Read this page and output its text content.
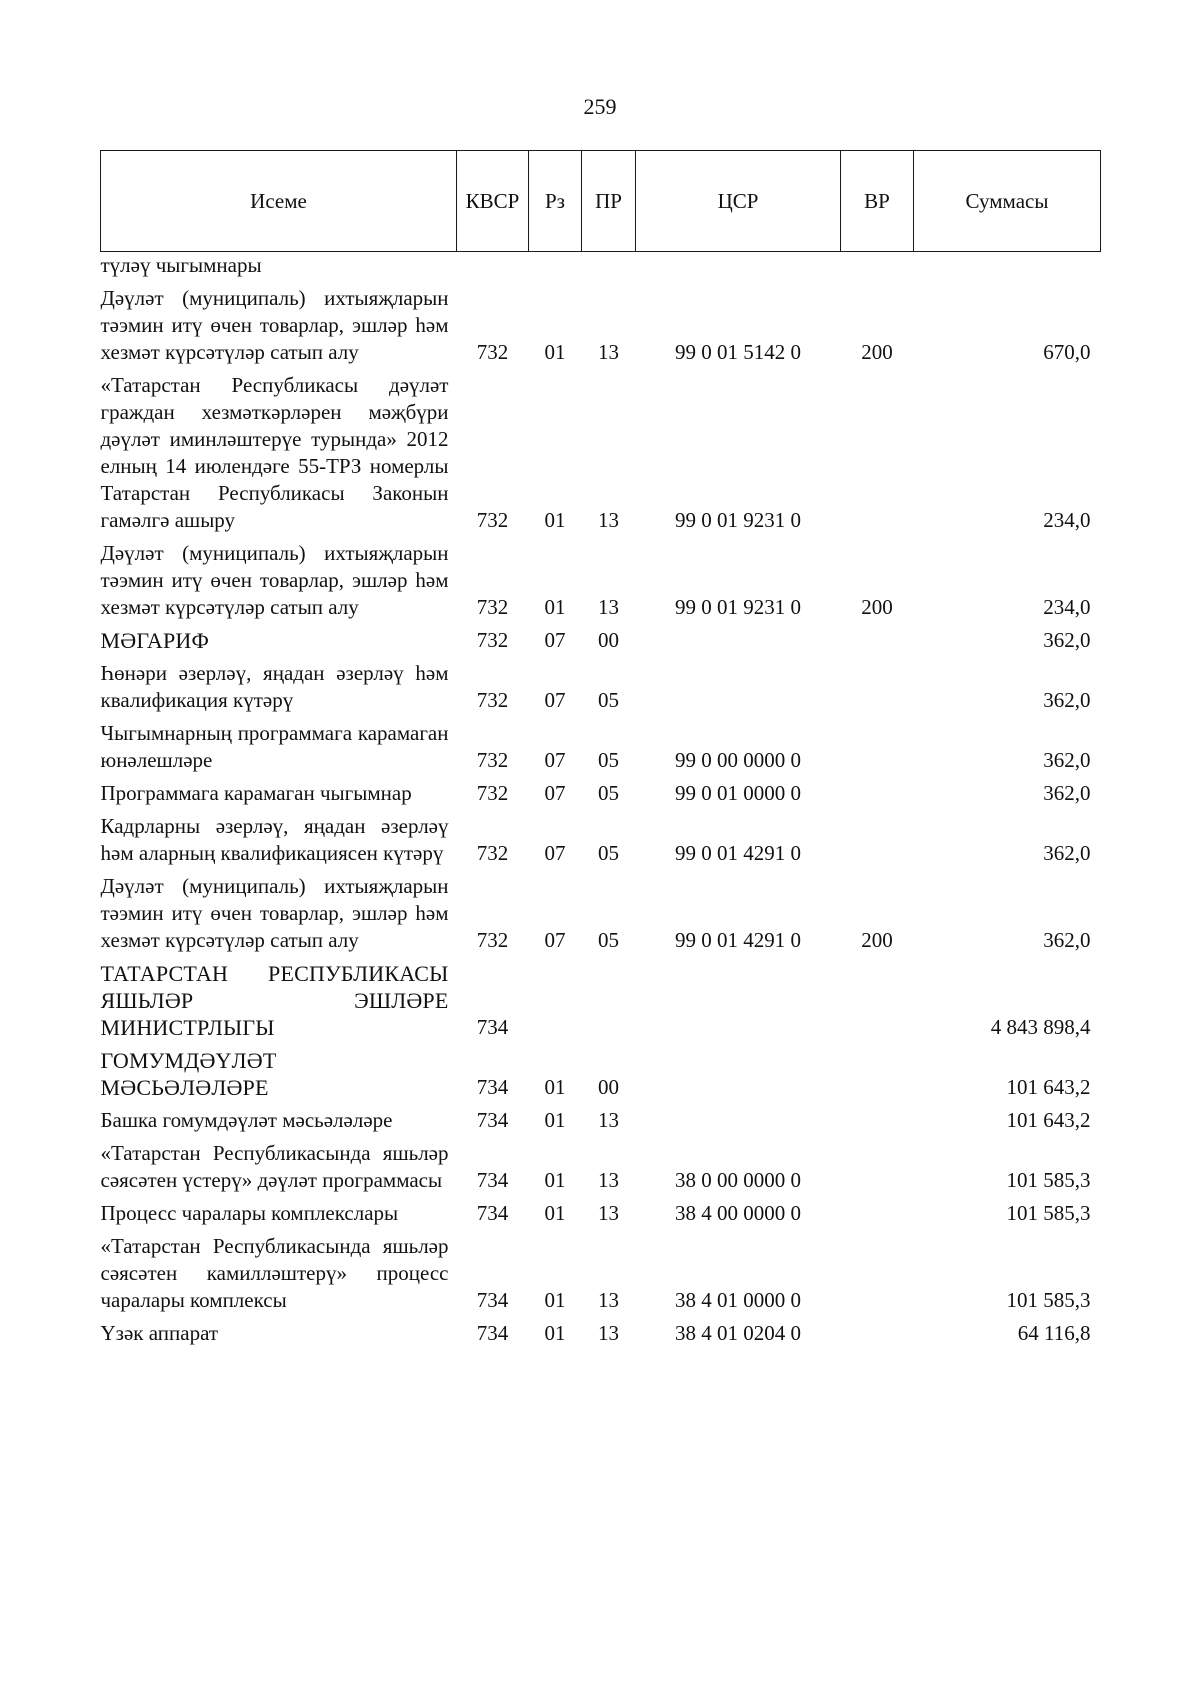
259
Исеме	КВСР	Рз	ПР	ЦСР	ВР	Суммасы
түләү чыгымнары						
Дәүләт (муниципаль) ихтыяҗларын тәэмин итү өчен товарлар, эшләр һәм хезмәт күрсәтүләр сатып алу	732	01	13	99 0 01 5142 0	200	670,0
«Татарстан Республикасы дәүләт граждан хезмәткәрләрен мәҗбүри дәүләт иминләштерүе турында» 2012 елның 14 июлендәге 55-ТРЗ номерлы Татарстан Республикасы Законын гамәлгә ашыру	732	01	13	99 0 01 9231 0		234,0
Дәүләт (муниципаль) ихтыяҗларын тәэмин итү өчен товарлар, эшләр һәм хезмәт күрсәтүләр сатып алу	732	01	13	99 0 01 9231 0	200	234,0
МӘГАРИФ	732	07	00			362,0
Һөнәри әзерләү, яңадан әзерләү һәм квалификация күтәрү	732	07	05			362,0
Чыгымнарның программага карамаган юнәлешләре	732	07	05	99 0 00 0000 0		362,0
Программага карамаган чыгымнар	732	07	05	99 0 01 0000 0		362,0
Кадрларны әзерләү, яңадан әзерләү һәм аларның квалификациясен күтәрү	732	07	05	99 0 01 4291 0		362,0
Дәүләт (муниципаль) ихтыяҗларын тәэмин итү өчен товарлар, эшләр һәм хезмәт күрсәтүләр сатып алу	732	07	05	99 0 01 4291 0	200	362,0
ТАТАРСТАН РЕСПУБЛИКАСЫ ЯШЬЛӘР ЭШЛӘРЕ МИНИСТРЛЫГЫ	734					4 843 898,4
ГОМУМДӘҮЛӘТ МӘСЬӘЛӘЛӘРЕ	734	01	00			101 643,2
Башка гомумдәүләт мәсьәләләре	734	01	13			101 643,2
«Татарстан Республикасында яшьләр сәясәтен үстерү» дәүләт программасы	734	01	13	38 0 00 0000 0		101 585,3
Процесс чаралары комплекслары	734	01	13	38 4 00 0000 0		101 585,3
«Татарстан Республикасында яшьләр сәясәтен камилләштерү» процесс чаралары комплексы	734	01	13	38 4 01 0000 0		101 585,3
Үзәк аппарат	734	01	13	38 4 01 0204 0		64 116,8
